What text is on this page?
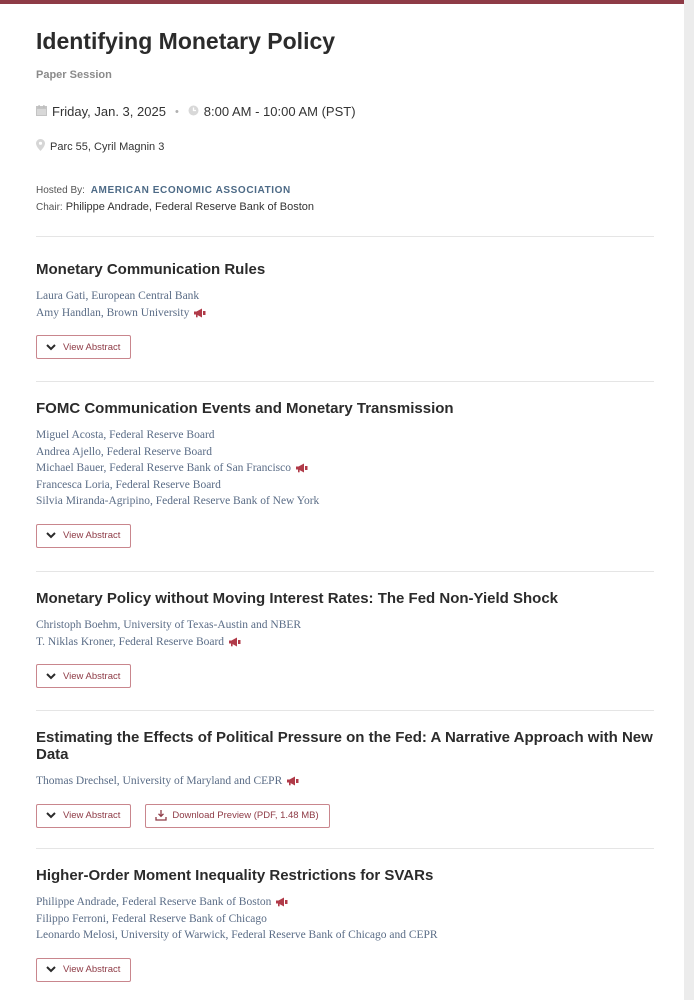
Identifying Monetary Policy
Paper Session
Friday, Jan. 3, 2025 • 8:00 AM - 10:00 AM (PST)
Parc 55, Cyril Magnin 3
Hosted By: AMERICAN ECONOMIC ASSOCIATION
Chair: Philippe Andrade, Federal Reserve Bank of Boston
Monetary Communication Rules
Laura Gati, European Central Bank
Amy Handlan, Brown University
View Abstract
FOMC Communication Events and Monetary Transmission
Miguel Acosta, Federal Reserve Board
Andrea Ajello, Federal Reserve Board
Michael Bauer, Federal Reserve Bank of San Francisco
Francesca Loria, Federal Reserve Board
Silvia Miranda-Agripino, Federal Reserve Bank of New York
View Abstract
Monetary Policy without Moving Interest Rates: The Fed Non-Yield Shock
Christoph Boehm, University of Texas-Austin and NBER
T. Niklas Kroner, Federal Reserve Board
View Abstract
Estimating the Effects of Political Pressure on the Fed: A Narrative Approach with New Data
Thomas Drechsel, University of Maryland and CEPR
View Abstract	Download Preview (PDF, 1.48 MB)
Higher-Order Moment Inequality Restrictions for SVARs
Philippe Andrade, Federal Reserve Bank of Boston
Filippo Ferroni, Federal Reserve Bank of Chicago
Leonardo Melosi, University of Warwick, Federal Reserve Bank of Chicago and CEPR
View Abstract
